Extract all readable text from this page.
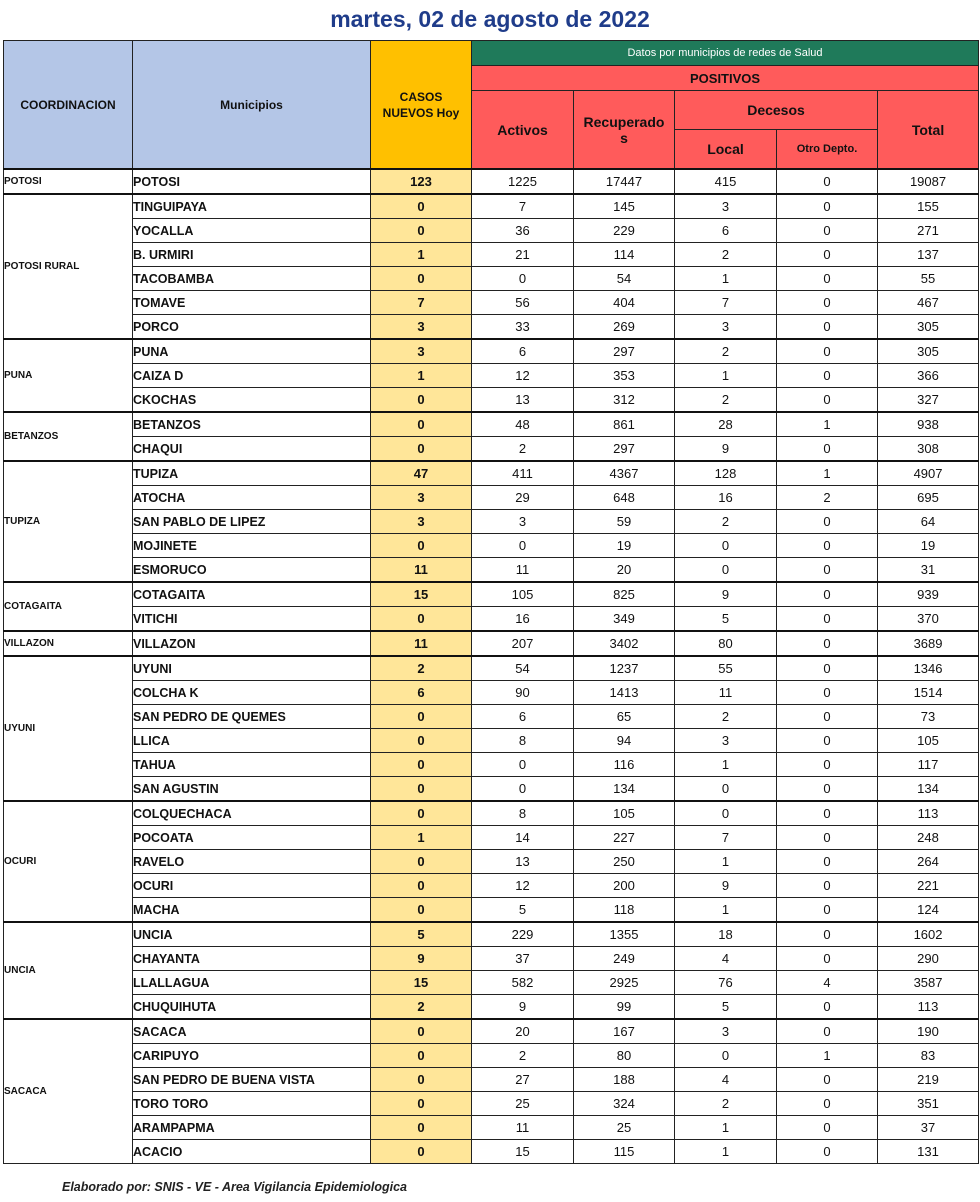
martes, 02 de agosto de 2022
COORDINACION	Municipios	CASOS
NUEVOS Hoy	Datos por municipios de redes de Salud				
			POSITIVOS				
			Activos	Recuperado
s	Decesos		Total
					Local	Otro Depto.	
POTOSI	POTOSI	123	1225	17447	415	0	19087
POTOSI RURAL	TINGUIPAYA	0	7	145	3	0	155
	YOCALLA	0	36	229	6	0	271
	B. URMIRI	1	21	114	2	0	137
	TACOBAMBA	0	0	54	1	0	55
	TOMAVE	7	56	404	7	0	467
	PORCO	3	33	269	3	0	305
PUNA	PUNA	3	6	297	2	0	305
	CAIZA D	1	12	353	1	0	366
	CKOCHAS	0	13	312	2	0	327
BETANZOS	BETANZOS	0	48	861	28	1	938
	CHAQUI	0	2	297	9	0	308
TUPIZA	TUPIZA	47	411	4367	128	1	4907
	ATOCHA	3	29	648	16	2	695
	SAN PABLO DE LIPEZ	3	3	59	2	0	64
	MOJINETE	0	0	19	0	0	19
	ESMORUCO	11	11	20	0	0	31
COTAGAITA	COTAGAITA	15	105	825	9	0	939
	VITICHI	0	16	349	5	0	370
VILLAZON	VILLAZON	11	207	3402	80	0	3689
UYUNI	UYUNI	2	54	1237	55	0	1346
	COLCHA K	6	90	1413	11	0	1514
	SAN PEDRO DE QUEMES	0	6	65	2	0	73
	LLICA	0	8	94	3	0	105
	TAHUA	0	0	116	1	0	117
	SAN AGUSTIN	0	0	134	0	0	134
OCURI	COLQUECHACA	0	8	105	0	0	113
	POCOATA	1	14	227	7	0	248
	RAVELO	0	13	250	1	0	264
	OCURI	0	12	200	9	0	221
	MACHA	0	5	118	1	0	124
UNCIA	UNCIA	5	229	1355	18	0	1602
	CHAYANTA	9	37	249	4	0	290
	LLALLAGUA	15	582	2925	76	4	3587
	CHUQUIHUTA	2	9	99	5	0	113
SACACA	SACACA	0	20	167	3	0	190
	CARIPUYO	0	2	80	0	1	83
	SAN PEDRO DE BUENA VISTA	0	27	188	4	0	219
	TORO TORO	0	25	324	2	0	351
	ARAMPAPMA	0	11	25	1	0	37
	ACACIO	0	15	115	1	0	131
Elaborado por: SNIS - VE - Area Vigilancia Epidemiologica
